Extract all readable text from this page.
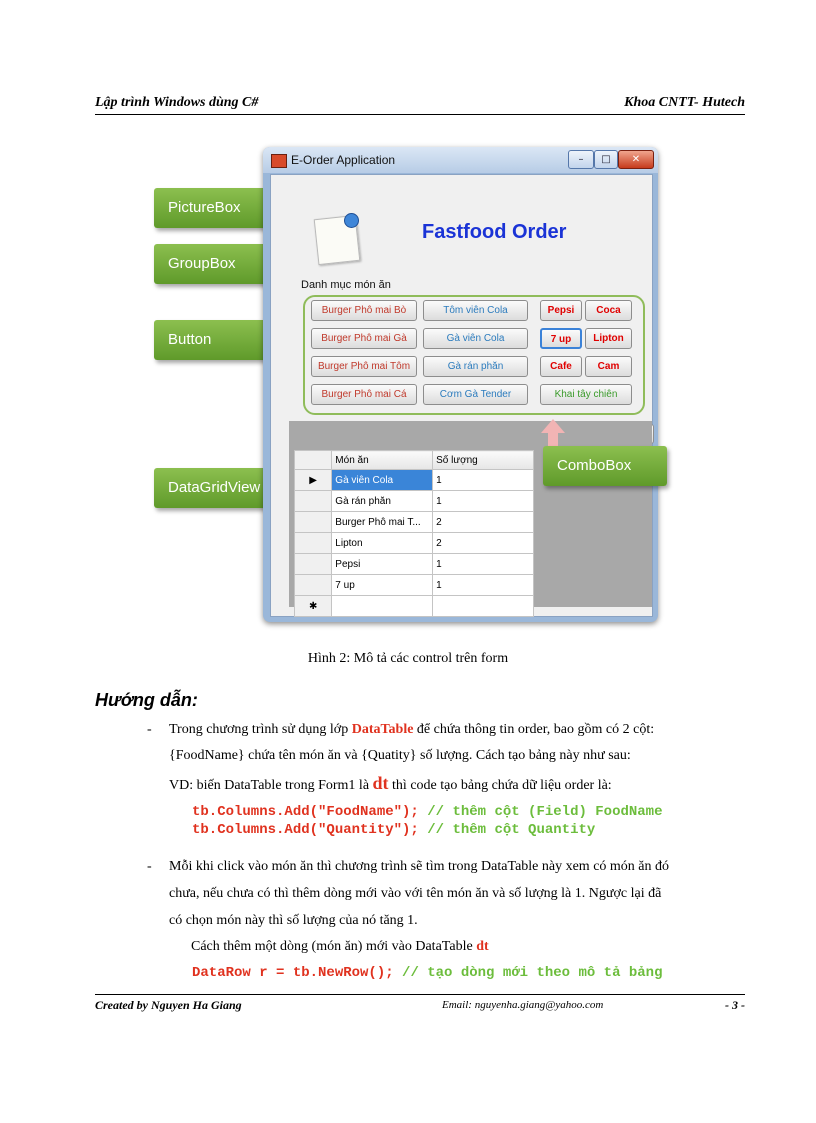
Lập trình Windows dùng C#	Khoa CNTT- Hutech
PictureBox
GroupBox
Button
DataGridView
E-Order Application	–	□	✕
Fastfood Order
Danh mục món ăn
Burger Phô mai Bò	Tôm viên Cola	Pepsi	Coca
Burger Phô mai Gà	Gà viên Cola	7 up	Lipton
Burger Phô mai Tôm	Gà rán phăn	Cafe	Cam
Burger Phô mai Cá	Cơm Gà Tender	Khai tây chiên
	Món ăn	Số lượng
▶	Gà viên Cola	1
	Gà rán phăn	1
	Burger Phô mai T...	2
	Lipton	2
	Pepsi	1
	7 up	1
✱		
ComboBox
Hình 2: Mô tả các control trên form
Hướng dẫn:
- Trong chương trình sử dụng lớp DataTable để chứa thông tin order, bao gồm có 2 cột:
{FoodName} chứa tên món ăn và {Quatity} số lượng. Cách tạo bảng này như sau:
VD: biến DataTable trong Form1 là dt thì code tạo bảng chứa dữ liệu order là:
tb.Columns.Add("FoodName"); // thêm cột (Field) FoodName
tb.Columns.Add("Quantity"); // thêm cột Quantity
- Mỗi khi click vào món ăn thì chương trình sẽ tìm trong DataTable này xem có món ăn đó
chưa, nếu chưa có thì thêm dòng mới vào với tên món ăn và số lượng là 1. Ngược lại đã
có chọn món này thì số lượng của nó tăng 1.
Cách thêm một dòng (món ăn) mới vào DataTable dt
DataRow r = tb.NewRow(); // tạo dòng mới theo mô tả bảng
Created by Nguyen Ha Giang	Email: nguyenha.giang@yahoo.com	- 3 -
